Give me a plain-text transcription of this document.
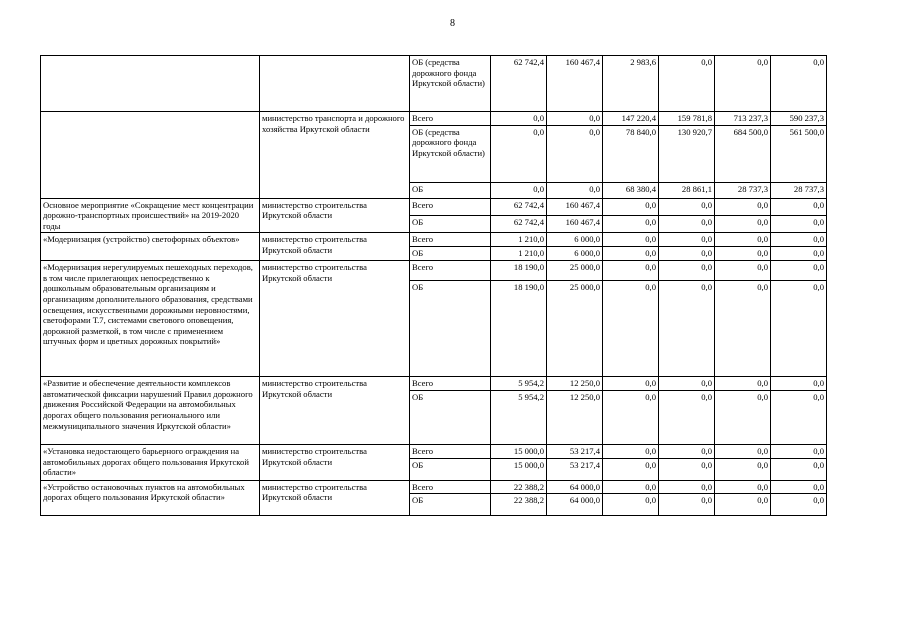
8
		ОБ (средства дорожного фонда Иркутской области)	62 742,4	160 467,4	2 983,6	0,0	0,0	0,0
	министерство транспорта и дорожного хозяйства Иркутской области	Всего	0,0	0,0	147 220,4	159 781,8	713 237,3	590 237,3
		ОБ (средства дорожного фонда Иркутской области)	0,0	0,0	78 840,0	130 920,7	684 500,0	561 500,0
		ОБ	0,0	0,0	68 380,4	28 861,1	28 737,3	28 737,3
Основное мероприятие «Сокращение мест концентрации дорожно-транспортных происшествий» на 2019-2020 годы	министерство строительства Иркутской области	Всего	62 742,4	160 467,4	0,0	0,0	0,0	0,0
		ОБ	62 742,4	160 467,4	0,0	0,0	0,0	0,0
«Модернизация (устройство) светофорных объектов»	министерство строительства Иркутской области	Всего	1 210,0	6 000,0	0,0	0,0	0,0	0,0
		ОБ	1 210,0	6 000,0	0,0	0,0	0,0	0,0
«Модернизация нерегулируемых пешеходных переходов, в том числе прилегающих непосредственно к дошкольным образовательным организациям и организациям дополнительного образования, средствами освещения, искусственными дорожными неровностями, светофорами Т.7, системами светового оповещения, дорожной разметкой, в том числе с применением штучных форм и цветных дорожных покрытий»	министерство строительства Иркутской области	Всего	18 190,0	25 000,0	0,0	0,0	0,0	0,0
		ОБ	18 190,0	25 000,0	0,0	0,0	0,0	0,0
«Развитие и обеспечение деятельности комплексов автоматической фиксации нарушений Правил дорожного движения Российской Федерации на автомобильных дорогах общего пользования регионального или межмуниципального значения Иркутской области»	министерство строительства Иркутской области	Всего	5 954,2	12 250,0	0,0	0,0	0,0	0,0
		ОБ	5 954,2	12 250,0	0,0	0,0	0,0	0,0
«Установка недостающего барьерного ограждения на автомобильных дорогах общего пользования Иркутской области»	министерство строительства Иркутской области	Всего	15 000,0	53 217,4	0,0	0,0	0,0	0,0
		ОБ	15 000,0	53 217,4	0,0	0,0	0,0	0,0
«Устройство остановочных пунктов на автомобильных дорогах общего пользования Иркутской области»	министерство строительства Иркутской области	Всего	22 388,2	64 000,0	0,0	0,0	0,0	0,0
		ОБ	22 388,2	64 000,0	0,0	0,0	0,0	0,0
